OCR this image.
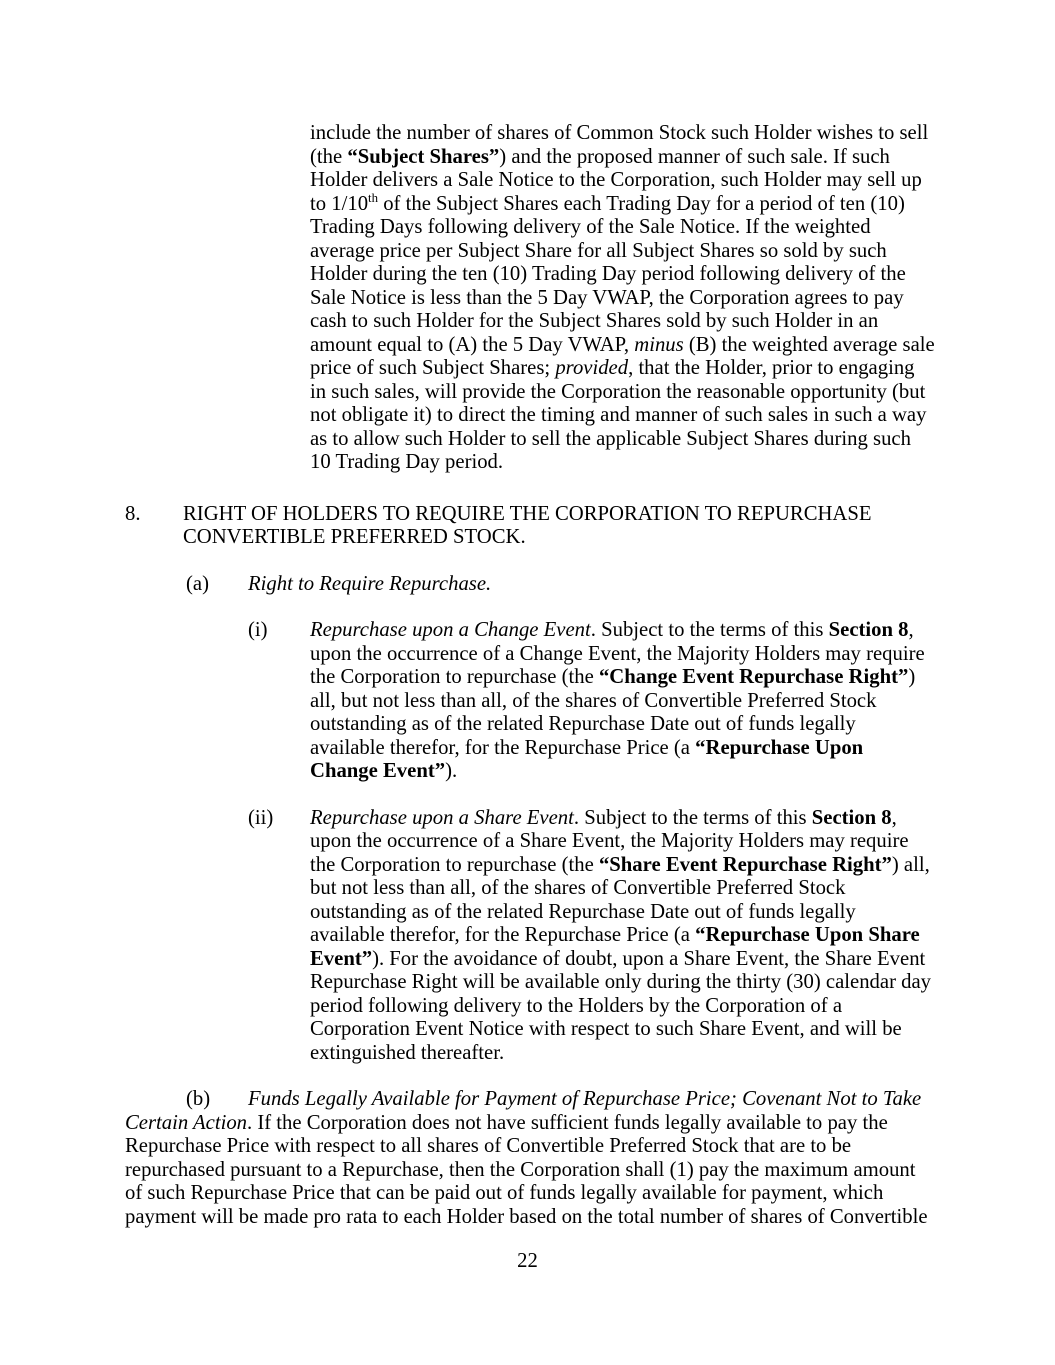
include the number of shares of Common Stock such Holder wishes to sell (the “Subject Shares”) and the proposed manner of such sale. If such Holder delivers a Sale Notice to the Corporation, such Holder may sell up to 1/10th of the Subject Shares each Trading Day for a period of ten (10) Trading Days following delivery of the Sale Notice. If the weighted average price per Subject Share for all Subject Shares so sold by such Holder during the ten (10) Trading Day period following delivery of the Sale Notice is less than the 5 Day VWAP, the Corporation agrees to pay cash to such Holder for the Subject Shares sold by such Holder in an amount equal to (A) the 5 Day VWAP, minus (B) the weighted average sale price of such Subject Shares; provided, that the Holder, prior to engaging in such sales, will provide the Corporation the reasonable opportunity (but not obligate it) to direct the timing and manner of such sales in such a way as to allow such Holder to sell the applicable Subject Shares during such 10 Trading Day period.

8. RIGHT OF HOLDERS TO REQUIRE THE CORPORATION TO REPURCHASE CONVERTIBLE PREFERRED STOCK.
(a) Right to Require Repurchase.
(i) Repurchase upon a Change Event. Subject to the terms of this Section 8, upon the occurrence of a Change Event, the Majority Holders may require the Corporation to repurchase (the “Change Event Repurchase Right”) all, but not less than all, of the shares of Convertible Preferred Stock outstanding as of the related Repurchase Date out of funds legally available therefor, for the Repurchase Price (a “Repurchase Upon Change Event”).
(ii) Repurchase upon a Share Event. Subject to the terms of this Section 8, upon the occurrence of a Share Event, the Majority Holders may require the Corporation to repurchase (the “Share Event Repurchase Right”) all, but not less than all, of the shares of Convertible Preferred Stock outstanding as of the related Repurchase Date out of funds legally available therefor, for the Repurchase Price (a “Repurchase Upon Share Event”). For the avoidance of doubt, upon a Share Event, the Share Event Repurchase Right will be available only during the thirty (30) calendar day period following delivery to the Holders by the Corporation of a Corporation Event Notice with respect to such Share Event, and will be extinguished thereafter.
(b) Funds Legally Available for Payment of Repurchase Price; Covenant Not to Take Certain Action. If the Corporation does not have sufficient funds legally available to pay the Repurchase Price with respect to all shares of Convertible Preferred Stock that are to be repurchased pursuant to a Repurchase, then the Corporation shall (1) pay the maximum amount of such Repurchase Price that can be paid out of funds legally available for payment, which payment will be made pro rata to each Holder based on the total number of shares of Convertible
22
